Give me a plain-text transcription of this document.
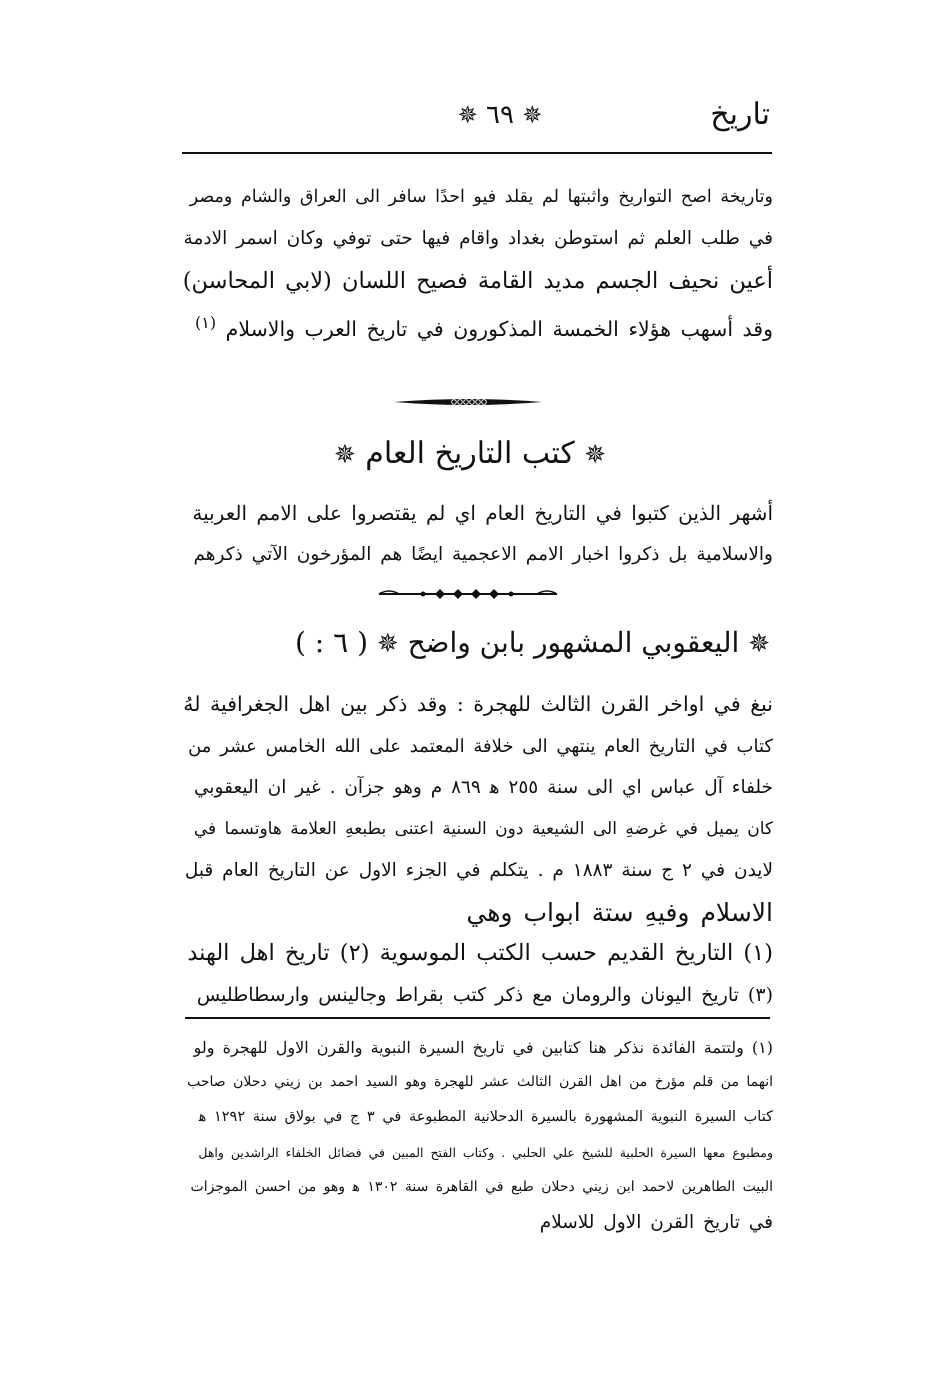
تاريخ
✵ ٦٩ ✵
وتاريخة اصح التواريخ واثبتها لم يقلد فيو احدًا سافر الى العراق والشام ومصر
في طلب العلم ثم استوطن بغداد واقام فيها حتى توفي وكان اسمر الادمة
أعين نحيف الجسم مديد القامة فصيح اللسان (لابي المحاسن)
وقد أسهب هؤلاء الخمسة المذكورون في تاريخ العرب والاسلام $^{(١)}$
✵ كتب التاريخ العام ✵
أشهر الذين كتبوا في التاريخ العام اي لم يقتصروا على الامم العربية
والاسلامية بل ذكروا اخبار الامم الاعجمية ايضًا هم المؤرخون الآتي ذكرهم
✵ اليعقوبي المشهور بابن واضح ✵ ( ٦ : )
نبغ في اواخر القرن الثالث للهجرة : وقد ذكر بين اهل الجغرافية لهُ
كتاب في التاريخ العام ينتهي الى خلافة المعتمد على الله الخامس عشر من
خلفاء آل عباس اي الى سنة ٢٥٥ ﻫ ٨٦٩ م وهو جزآن . غير ان اليعقوبي
كان يميل في غرضهِ الى الشيعية دون السنية اعتنى بطبعهِ العلامة هاوتسما في
لايدن في ٢ ج سنة ١٨٨٣ م . يتكلم في الجزء الاول عن التاريخ العام قبل
الاسلام وفيهِ ستة ابواب وهي
(١) التاريخ القديم حسب الكتب الموسوية (٢) تاريخ اهل الهند
(٣) تاريخ اليونان والرومان مع ذكر كتب بقراط وجالينس وارسطاطليس
(١) ولتتمة الفائدة نذكر هنا كتابين في تاريخ السيرة النبوية والقرن الاول للهجرة ولو
انهما من قلم مؤرخ من اهل القرن الثالث عشر للهجرة وهو السيد احمد بن زيني دحلان صاحب
كتاب السيرة النبوية المشهورة بالسيرة الدحلانية المطبوعة في ٣ ج في بولاق سنة ١٢٩٢ ﻫ
ومطبوع معها السيرة الحلبية للشيخ علي الحلبي . وكتاب الفتح المبين في فضائل الخلفاء الراشدين واهل
البيت الطاهرين لاحمد ابن زيني دحلان طبع في القاهرة سنة ١٣٠٢ ﻫ وهو من احسن الموجزات
في تاريخ القرن الاول للاسلام
